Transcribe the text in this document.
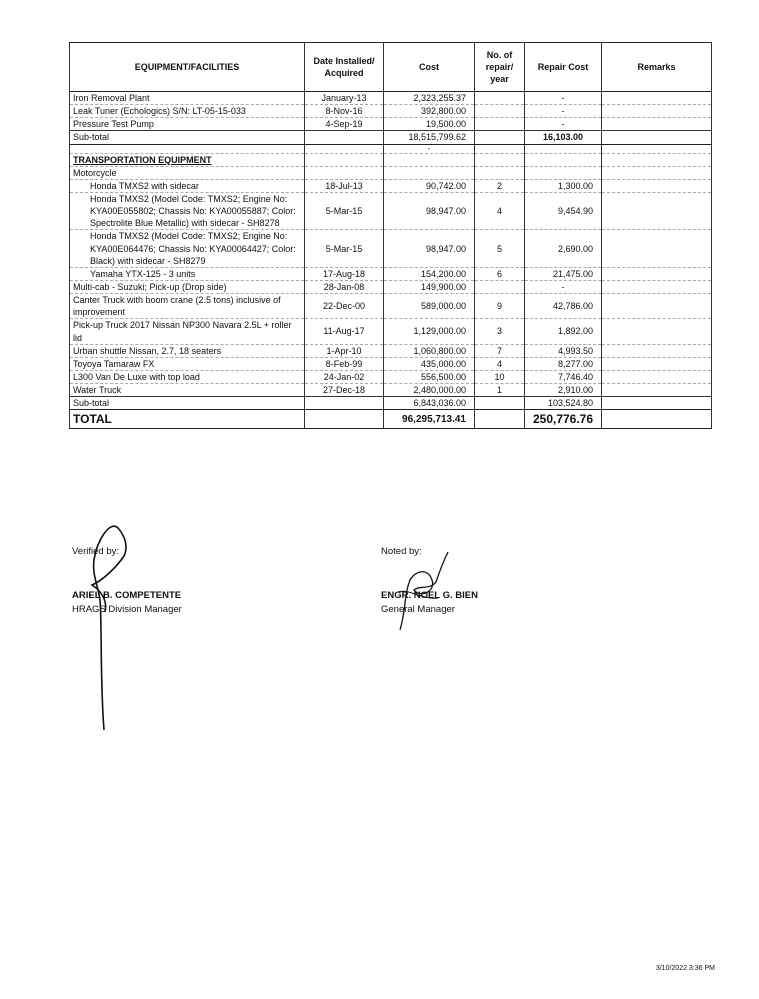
EQUIPMENT/FACILITIES	Date Installed/ Acquired	Cost	No. of repair/ year	Repair Cost	Remarks
Iron Removal Plant	January-13	2,323,255.37		-	
Leak Tuner (Echologics) S/N: LT-05-15-033	8-Nov-16	392,800.00		-	
Pressure Test Pump	4-Sep-19	19,500.00		-	
Sub-total		18,515,799.62		16,103.00	
		-			
TRANSPORTATION EQUIPMENT					
Motorcycle					
Honda TMXS2 with sidecar	18-Jul-13	90,742.00	2	1,300.00	
Honda TMXS2 (Model Code: TMXS2; Engine No: KYA00E055802; Chassis No: KYA00055887; Color: Spectrolite Blue Metallic) with sidecar - SH8278	5-Mar-15	98,947.00	4	9,454.90	
Honda TMXS2 (Model Code: TMXS2; Engine No: KYA00E064476; Chassis No: KYA00064427; Color: Black) with sidecar - SH8279	5-Mar-15	98,947.00	5	2,690.00	
Yamaha YTX-125 - 3 units	17-Aug-18	154,200.00	6	21,475.00	
Multi-cab - Suzuki; Pick-up (Drop side)	28-Jan-08	149,900.00		-	
Canter Truck with boom crane (2.5 tons) inclusive of improvement	22-Dec-00	589,000.00	9	42,786.00	
Pick-up Truck 2017 Nissan NP300 Navara 2.5L + roller lid	11-Aug-17	1,129,000.00	3	1,892.00	
Urban shuttle Nissan, 2.7, 18 seaters	1-Apr-10	1,060,800.00	7	4,993.50	
Toyoya Tamaraw FX	8-Feb-99	435,000.00	4	8,277.00	
L300 Van De Luxe with top load	24-Jan-02	556,500.00	10	7,746.40	
Water Truck	27-Dec-18	2,480,000.00	1	2,910.00	
Sub-total		6,843,036.00		103,524.80	
TOTAL		96,295,713.41		250,776.76	
Verified by:
ARIEL B. COMPETENTE
HRAGS Division Manager
Noted by:
ENGR. NOEL G. BIEN
General Manager
3/10/2022 3:36 PM
